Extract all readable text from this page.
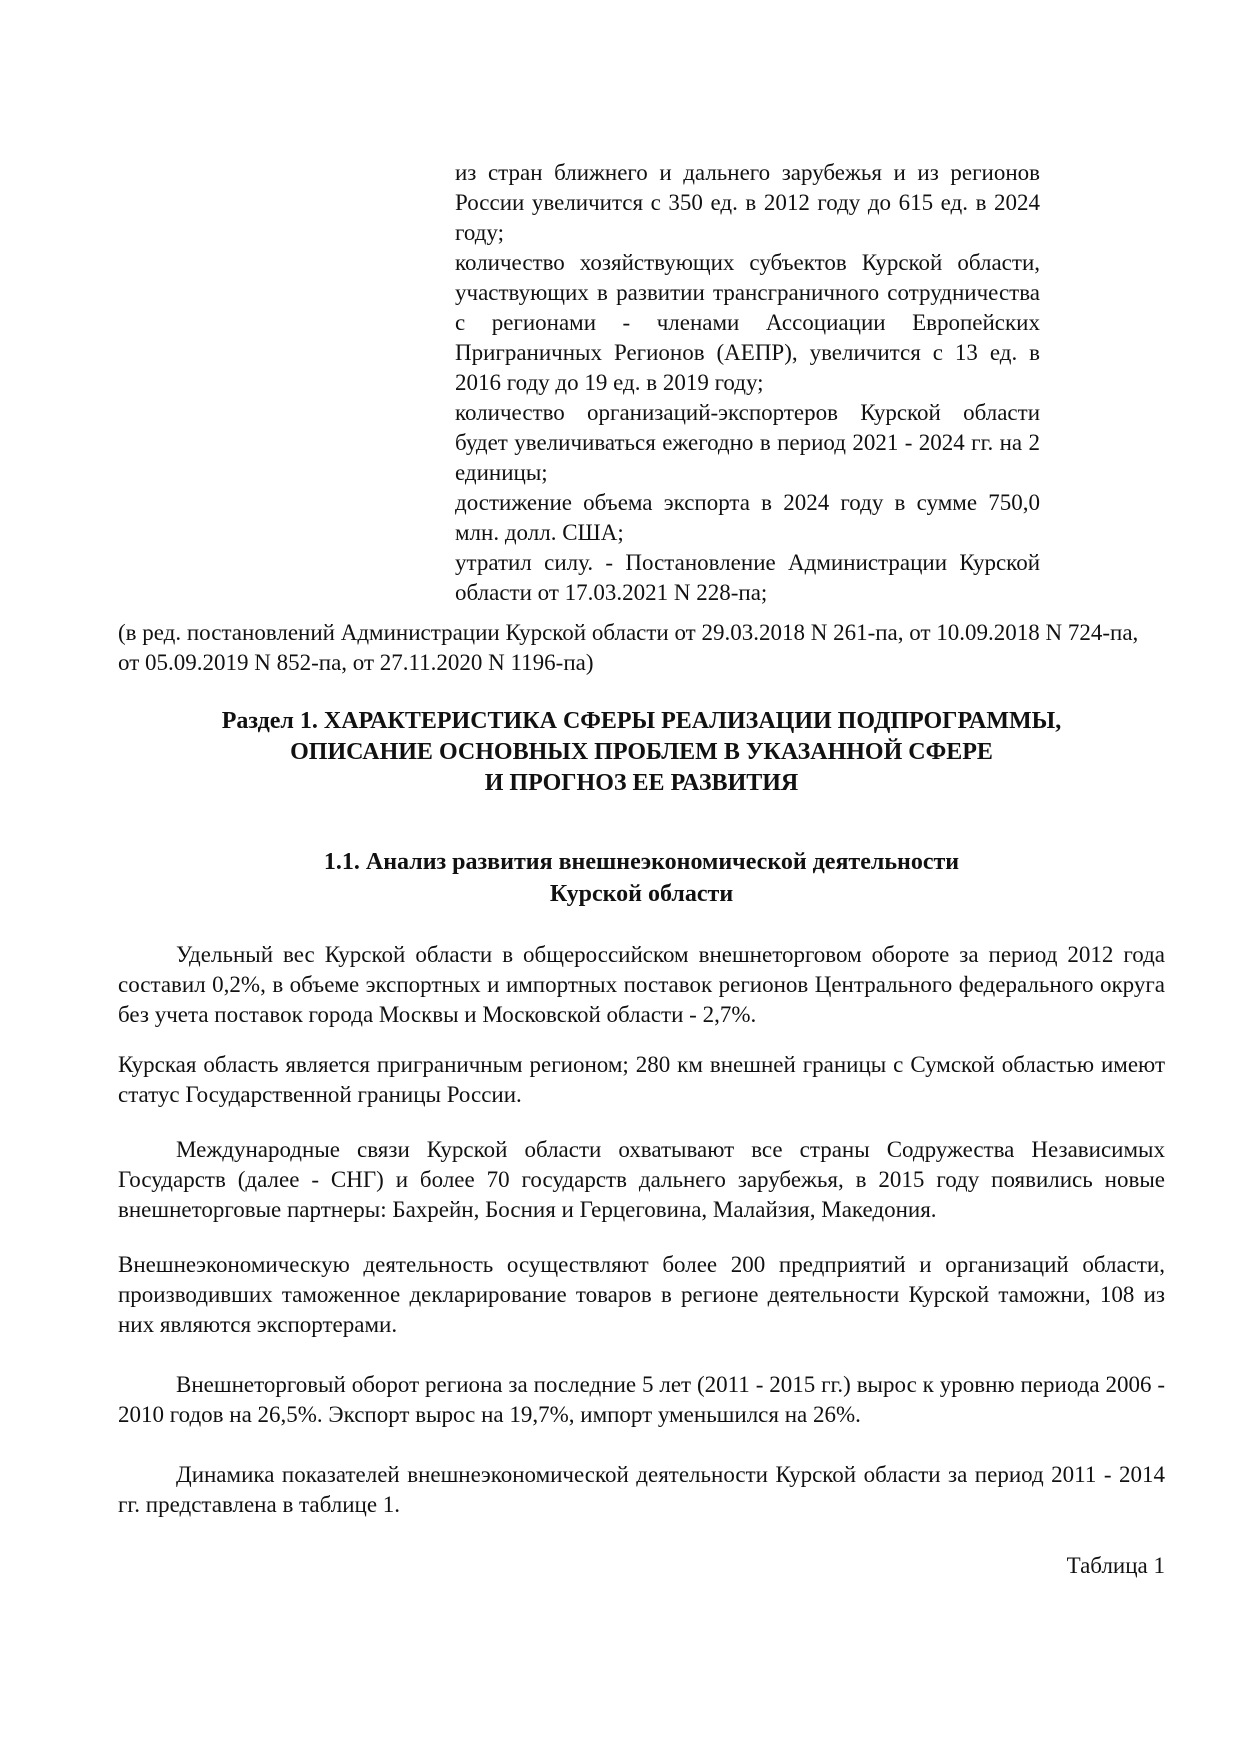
из стран ближнего и дальнего зарубежья и из регионов России увеличится с 350 ед. в 2012 году до 615 ед. в 2024 году;

количество хозяйствующих субъектов Курской области, участвующих в развитии трансграничного сотрудничества с регионами - членами Ассоциации Европейских Приграничных Регионов (АЕПР), увеличится с 13 ед. в 2016 году до 19 ед. в 2019 году;

количество организаций-экспортеров Курской области будет увеличиваться ежегодно в период 2021 - 2024 гг. на 2 единицы;

достижение объема экспорта в 2024 году в сумме 750,0 млн. долл. США;

утратил силу. - Постановление Администрации Курской области от 17.03.2021 N 228-па;

(в ред. постановлений Администрации Курской области от 29.03.2018 N 261-па, от 10.09.2018 N 724-па, от 05.09.2019 N 852-па, от 27.11.2020 N 1196-па)
Раздел 1. ХАРАКТЕРИСТИКА СФЕРЫ РЕАЛИЗАЦИИ ПОДПРОГРАММЫ,
ОПИСАНИЕ ОСНОВНЫХ ПРОБЛЕМ В УКАЗАННОЙ СФЕРЕ
И ПРОГНОЗ ЕЕ РАЗВИТИЯ
1.1. Анализ развития внешнеэкономической деятельности
Курской области

Удельный вес Курской области в общероссийском внешнеторговом обороте за период 2012 года составил 0,2%, в объеме экспортных и импортных поставок регионов Центрального федерального округа без учета поставок города Москвы и Московской области - 2,7%.

Курская область является приграничным регионом; 280 км внешней границы с Сумской областью имеют статус Государственной границы России.

Международные связи Курской области охватывают все страны Содружества Независимых Государств (далее - СНГ) и более 70 государств дальнего зарубежья, в 2015 году появились новые внешнеторговые партнеры: Бахрейн, Босния и Герцеговина, Малайзия, Македония.

Внешнеэкономическую деятельность осуществляют более 200 предприятий и организаций области, производивших таможенное декларирование товаров в регионе деятельности Курской таможни, 108 из них являются экспортерами.

Внешнеторговый оборот региона за последние 5 лет (2011 - 2015 гг.) вырос к уровню периода 2006 - 2010 годов на 26,5%. Экспорт вырос на 19,7%, импорт уменьшился на 26%.

Динамика показателей внешнеэкономической деятельности Курской области за период 2011 - 2014 гг. представлена в таблице 1.

Таблица 1
